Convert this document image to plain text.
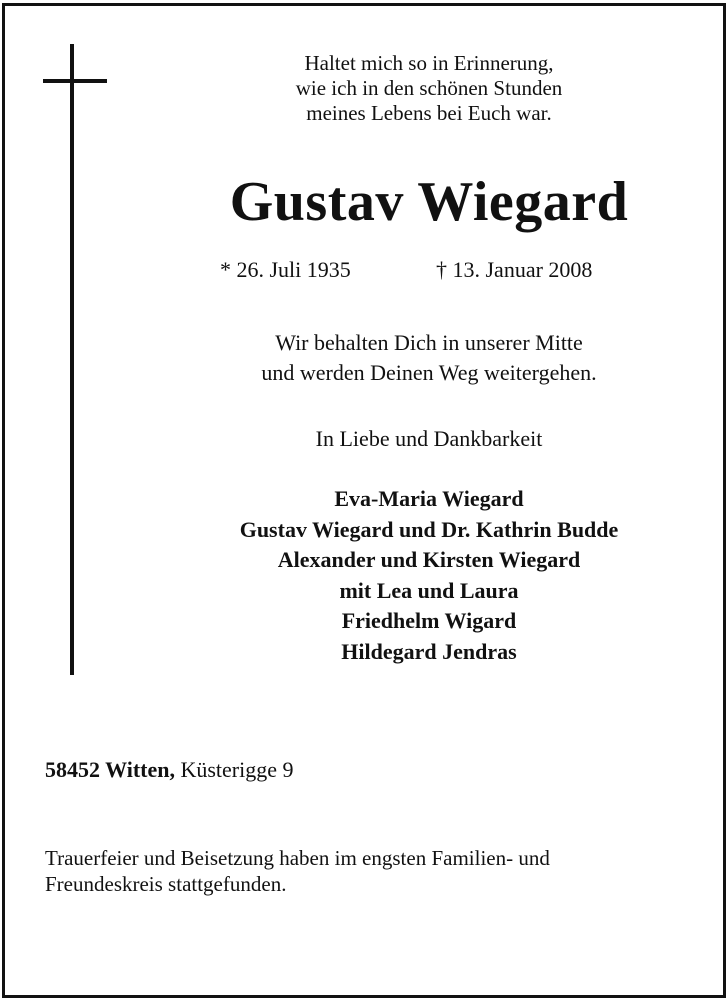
Haltet mich so in Erinnerung,
wie ich in den schönen Stunden
meines Lebens bei Euch war.
Gustav Wiegard
* 26. Juli 1935	† 13. Januar 2008
Wir behalten Dich in unserer Mitte
und werden Deinen Weg weitergehen.
In Liebe und Dankbarkeit
Eva-Maria Wiegard
Gustav Wiegard und Dr. Kathrin Budde
Alexander und Kirsten Wiegard
mit Lea und Laura
Friedhelm Wigard
Hildegard Jendras
58452 Witten, Küsterigge 9
Trauerfeier und Beisetzung haben im engsten Familien- und
Freundeskreis stattgefunden.
